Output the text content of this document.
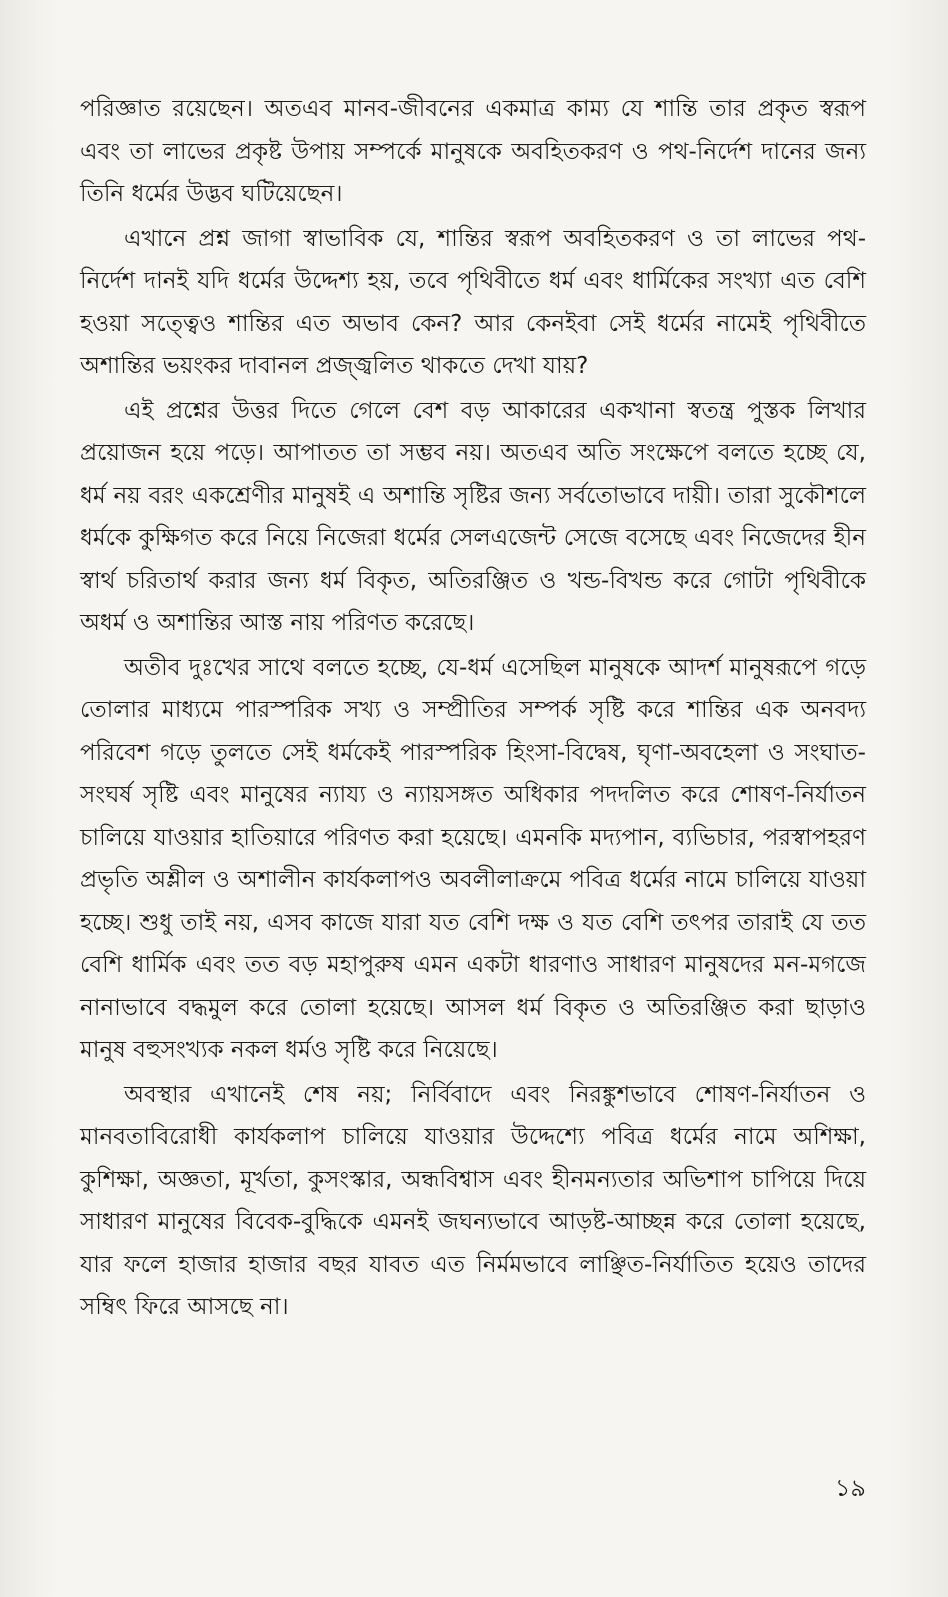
পরিজ্ঞাত রয়েছেন। অতএব মানব-জীবনের একমাত্র কাম্য যে শান্তি তার প্রকৃত স্বরূপ এবং তা লাভের প্রকৃষ্ট উপায় সম্পর্কে মানুষকে অবহিতকরণ ও পথ-নির্দেশ দানের জন্য তিনি ধর্মের উদ্ভব ঘটিয়েছেন।

এখানে প্রশ্ন জাগা স্বাভাবিক যে, শান্তির স্বরূপ অবহিতকরণ ও তা লাভের পথ-নির্দেশ দানই যদি ধর্মের উদ্দেশ্য হয়, তবে পৃথিবীতে ধর্ম এবং ধার্মিকের সংখ্যা এত বেশি হওয়া সত্ত্বেও শান্তির এত অভাব কেন? আর কেনইবা সেই ধর্মের নামেই পৃথিবীতে অশান্তির ভয়ংকর দাবানল প্রজ্জ্বলিত থাকতে দেখা যায়?

এই প্রশ্নের উত্তর দিতে গেলে বেশ বড় আকারের একখানা স্বতন্ত্র পুস্তক লিখার প্রয়োজন হয়ে পড়ে। আপাতত তা সম্ভব নয়। অতএব অতি সংক্ষেপে বলতে হচ্ছে যে, ধর্ম নয় বরং একশ্রেণীর মানুষই এ অশান্তি সৃষ্টির জন্য সর্বতোভাবে দায়ী। তারা সুকৌশলে ধর্মকে কুক্ষিগত করে নিয়ে নিজেরা ধর্মের সেলএজেন্ট সেজে বসেছে এবং নিজেদের হীন স্বার্থ চরিতার্থ করার জন্য ধর্ম বিকৃত, অতিরঞ্জিত ও খন্ড-বিখন্ড করে গোটা পৃথিবীকে অধর্ম ও অশান্তির আস্ত নায় পরিণত করেছে।

অতীব দুঃখের সাথে বলতে হচ্ছে, যে-ধর্ম এসেছিল মানুষকে আদর্শ মানুষরূপে গড়ে তোলার মাধ্যমে পারস্পরিক সখ্য ও সম্প্রীতির সম্পর্ক সৃষ্টি করে শান্তির এক অনবদ্য পরিবেশ গড়ে তুলতে সেই ধর্মকেই পারস্পরিক হিংসা-বিদ্বেষ, ঘৃণা-অবহেলা ও সংঘাত-সংঘর্ষ সৃষ্টি এবং মানুষের ন্যায্য ও ন্যায়সঙ্গত অধিকার পদদলিত করে শোষণ-নির্যাতন চালিয়ে যাওয়ার হাতিয়ারে পরিণত করা হয়েছে। এমনকি মদ্যপান, ব্যভিচার, পরস্বাপহরণ প্রভৃতি অশ্লীল ও অশালীন কার্যকলাপও অবলীলাক্রমে পবিত্র ধর্মের নামে চালিয়ে যাওয়া হচ্ছে। শুধু তাই নয়, এসব কাজে যারা যত বেশি দক্ষ ও যত বেশি তৎপর তারাই যে তত বেশি ধার্মিক এবং তত বড় মহাপুরুষ এমন একটা ধারণাও সাধারণ মানুষদের মন-মগজে নানাভাবে বদ্ধমুল করে তোলা হয়েছে। আসল ধর্ম বিকৃত ও অতিরঞ্জিত করা ছাড়াও মানুষ বহুসংখ্যক নকল ধর্মও সৃষ্টি করে নিয়েছে।

অবস্থার এখানেই শেষ নয়; নির্বিবাদে এবং নিরঙ্কুশভাবে শোষণ-নির্যাতন ও মানবতাবিরোধী কার্যকলাপ চালিয়ে যাওয়ার উদ্দেশ্যে পবিত্র ধর্মের নামে অশিক্ষা, কুশিক্ষা, অজ্ঞতা, মূর্খতা, কুসংস্কার, অন্ধবিশ্বাস এবং হীনমন্যতার অভিশাপ চাপিয়ে দিয়ে সাধারণ মানুষের বিবেক-বুদ্ধিকে এমনই জঘন্যভাবে আড়ষ্ট-আচ্ছন্ন করে তোলা হয়েছে, যার ফলে হাজার হাজার বছর যাবত এত নির্মমভাবে লাঞ্ছিত-নির্যাতিত হয়েও তাদের সম্বিৎ ফিরে আসছে না।

১৯
